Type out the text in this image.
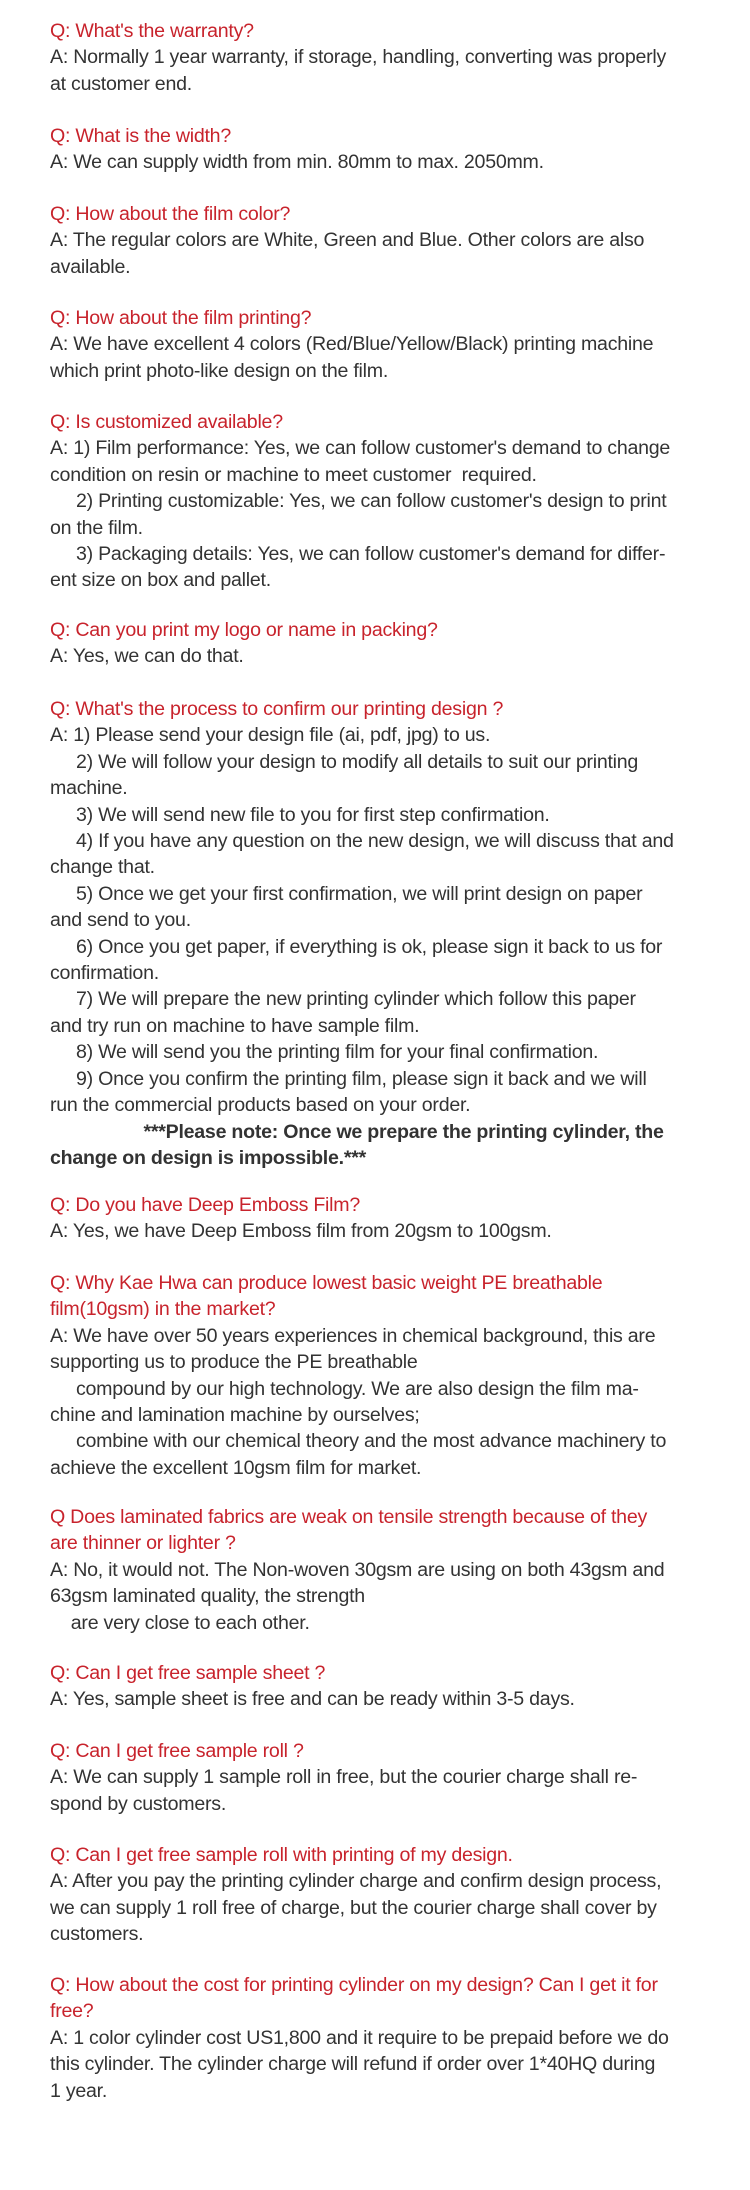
Q: What's the warranty?
A: Normally 1 year warranty, if storage, handling, converting was properly
at customer end.
Q: What is the width?
A: We can supply width from min. 80mm to max. 2050mm.
Q: How about the film color?
A: The regular colors are White, Green and Blue. Other colors are also
available.
Q: How about the film printing?
A: We have excellent 4 colors (Red/Blue/Yellow/Black) printing machine
which print photo-like design on the film.
Q: Is customized available?
A: 1) Film performance: Yes, we can follow customer's demand to change
condition on resin or machine to meet customer  required.
2) Printing customizable: Yes, we can follow customer's design to print
on the film.
3) Packaging details: Yes, we can follow customer's demand for differ-
ent size on box and pallet.
Q: Can you print my logo or name in packing?
A: Yes, we can do that.
Q: What's the process to confirm our printing design ?
A: 1) Please send your design file (ai, pdf, jpg) to us.
2) We will follow your design to modify all details to suit our printing
machine.
3) We will send new file to you for first step confirmation.
4) If you have any question on the new design, we will discuss that and
change that.
5) Once we get your first confirmation, we will print design on paper
and send to you.
6) Once you get paper, if everything is ok, please sign it back to us for
confirmation.
7) We will prepare the new printing cylinder which follow this paper
and try run on machine to have sample film.
8) We will send you the printing film for your final confirmation.
9) Once you confirm the printing film, please sign it back and we will
run the commercial products based on your order.
***Please note: Once we prepare the printing cylinder, the
change on design is impossible.***
Q: Do you have Deep Emboss Film?
A: Yes, we have Deep Emboss film from 20gsm to 100gsm.
Q: Why Kae Hwa can produce lowest basic weight PE breathable
film(10gsm) in the market?
A: We have over 50 years experiences in chemical background, this are
supporting us to produce the PE breathable
compound by our high technology. We are also design the film ma-
chine and lamination machine by ourselves;
combine with our chemical theory and the most advance machinery to
achieve the excellent 10gsm film for market.
Q Does laminated fabrics are weak on tensile strength because of they
are thinner or lighter ?
A: No, it would not. The Non-woven 30gsm are using on both 43gsm and
63gsm laminated quality, the strength
are very close to each other.
Q: Can I get free sample sheet ?
A: Yes, sample sheet is free and can be ready within 3-5 days.
Q: Can I get free sample roll ?
A: We can supply 1 sample roll in free, but the courier charge shall re-
spond by customers.
Q: Can I get free sample roll with printing of my design.
A: After you pay the printing cylinder charge and confirm design process,
we can supply 1 roll free of charge, but the courier charge shall cover by
customers.
Q: How about the cost for printing cylinder on my design? Can I get it for
free?
A: 1 color cylinder cost US1,800 and it require to be prepaid before we do
this cylinder. The cylinder charge will refund if order over 1*40HQ during
1 year.
